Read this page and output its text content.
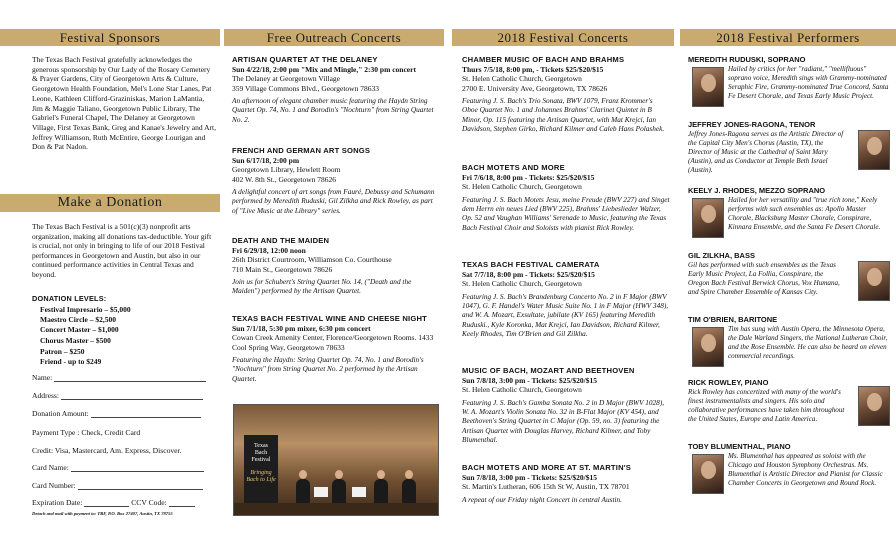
Festival Sponsors
The Texas Bach Festival gratefully acknowledges the generous sponsorship by Our Lady of the Rosary Cemetery & Prayer Gardens, City of Georgetown Arts & Culture, Georgetown Health Foundation, Mel's Lone Star Lanes, Pat Leone, Kathleen Clifford-Graziniskas, Marion LaMantia, Jim & Maggie Taliano, Georgetown Public Library, The Gabriel's Funeral Chapel, The Delaney at Georgetown Village, First Texas Bank, Greg and Kanae's Jewelry and Art, Jeffrey Williamson, Ruth McEntire, George Lourigan and Don & Pat Nadon.
Make a Donation
The Texas Bach Festival is a 501(c)(3) nonprofit arts organization, making all donations tax-deductible. Your gift is crucial, not only in bringing to life of our 2018 Festival performances in Georgetown and Austin, but also in our continued performance activities in Central Texas and beyond.
DONATION LEVELS:
Festival Impresario – $5,000
Maestro Circle – $2,500
Concert Master – $1,000
Chorus Master – $500
Patron – $250
Friend - up to $249
Name:
Address:
Donation Amount:
Payment Type : Check, Credit Card
Credit: Visa, Mastercard, Am. Express, Discover.
Card Name:
Card Number:
Expiration Date:	CCV Code:
Detach and mail with payment to: TBF, P.O. Box 27407, Austin, TX 78755
Free Outreach Concerts
ARTISAN QUARTET AT THE DELANEY
Sun 4/22/18, 2:00 pm "Mix and Mingle," 2:30 pm concert
The Delaney at Georgetown Village
359 Village Commons Blvd., Georgetown 78633
An afternoon of elegant chamber music featuring the Haydn String Quartet Op. 74, No. 1 and Borodin's "Nochturn" from String Quartet No. 2.
FRENCH AND GERMAN ART SONGS
Sun 6/17/18, 2:00 pm
Georgetown Library, Hewlett Room
402 W. 8th St., Georgetown 78626
A delightful concert of art songs from Fauré, Debussy and Schumann performed by Meredith Ruduski, Gil Zilkha and Rick Rowley, as part of "Live Music at the Library" series.
DEATH AND THE MAIDEN
Fri 6/29/18, 12:00 noon
26th District Courtroom, Williamson Co. Courthouse
710 Main St., Georgetown 78626
Join us for Schubert's String Quartet No. 14, ("Death and the Maiden") performed by the Artisan Quartet.
TEXAS BACH FESTIVAL WINE AND CHEESE NIGHT
Sun 7/1/18, 5:30 pm mixer, 6:30 pm concert
Cowan Creek Amenity Center, Florence/Georgetown Rooms. 1433 Cool Spring Way, Georgetown 78633
Featuring the Haydn: String Quartet Op. 74, No. 1 and Borodin's "Nochturn" from String Quartet No. 2 performed by the Artisan Quartet.
Texas
Bach
Festival
Bringing Bach to Life
2018 Festival Concerts
CHAMBER MUSIC OF BACH AND BRAHMS
Thurs 7/5/18, 8:00 pm, - Tickets $25/$20/$15
St. Helen Catholic Church, Georgetown
2700 E. University Ave, Georgetown, TX 78626
Featuring J. S. Bach's Trio Sonata, BWV 1079, Franz Krommer's Oboe Quartet No. 1 and Johannes Brahms' Clarinet Quintet in B Minor, Op. 115 featuring the Artisan Quartet, with Mat Krejci, Ian Davidson, Stephen Girko, Richard Kilmer and Caleb Hans Polashek.
BACH MOTETS AND MORE
Fri 7/6/18, 8:00 pm - Tickets: $25/$20/$15
St. Helen Catholic Church, Georgetown
Featuring J. S. Bach Motets Jesu, meine Freude (BWV 227) and Singet dem Herrn ein neues Lied (BWV 225), Brahms' Liebeslieder Walzer, Op. 52 and Vaughan Williams' Serenade to Music, featuring the Texas Bach Festival Choir and Soloists with pianist Rick Rowley.
TEXAS BACH FESTIVAL CAMERATA
Sat 7/7/18, 8:00 pm - Tickets: $25/$20/$15
St. Helen Catholic Church, Georgetown
Featuring J. S. Bach's Brandenburg Concerto No. 2 in F Major (BWV 1047), G. F. Handel's Water Music Suite No. 1 in F Major (HWV 348), and W. A. Mozart, Exsultate, jubilate (KV 165) featuring Meredith Ruduski., Kyle Koronka, Mat Krejci, Ian Davidson, Richard Kilmer, Keely Rhodes, Tim O'Brien and Gil Zilkha.
MUSIC OF BACH, MOZART AND BEETHOVEN
Sun 7/8/18, 3:00 pm - Tickets: $25/$20/$15
St. Helen Catholic Church, Georgetown
Featuring J. S. Bach's Gamba Sonata No. 2 in D Major (BWV 1028), W. A. Mozart's Violin Sonata No. 32 in B-Flat Major (KV 454), and Beethoven's String Quartet in C Major (Op. 59, no. 3) featuring the Artisan Quartet with Douglas Harvey, Richard Kilmer, and Toby Blumenthal.
BACH MOTETS AND MORE AT ST. MARTIN'S
Sun 7/8/18, 3:00 pm - Tickets: $25/$20/$15
St. Martin's Lutheran, 606 15th St W, Austin, TX 78701
A repeat of our Friday night Concert in central Austin.
2018 Festival Performers
MEREDITH RUDUSKI, SOPRANO
Hailed by critics for her "radiant," "mellifluous" soprano voice, Meredith sings with Grammy-nominated Seraphic Fire, Grammy-nominated True Concord, Santa Fe Desert Chorale, and Texas Early Music Project.
JEFFREY JONES-RAGONA, TENOR
Jeffrey Jones-Ragona serves as the Artistic Director of the Capital City Men's Chorus (Austin, TX), the Director of Music at the Cathedral of Saint Mary (Austin), and as Conductor at Temple Beth Israel (Austin).
KEELY J. RHODES, MEZZO SOPRANO
Hailed for her versatility and "true rich tone," Keely performs with such ensembles as: Apollo Master Chorale, Blacksburg Master Chorale, Conspirare, Kinnara Ensemble, and the Santa Fe Desert Chorale.
GIL ZILKHA, BASS
Gil has performed with such ensembles as the Texas Early Music Project, La Follia, Conspirare, the Oregon Bach Festival Berwick Chorus, Vox Humana, and Spire Chamber Ensemble of Kansas City.
TIM O'BRIEN, BARITONE
Tim has sung with Austin Opera, the Minnesota Opera, the Dale Warland Singers, the National Lutheran Choir, and the Rose Ensemble. He can also be heard on eleven commercial recordings.
RICK ROWLEY, PIANO
Rick Rowley has concertized with many of the world's finest instrumentalists and singers. His solo and collaborative performances have taken him throughout the United States, Europe and Latin America.
TOBY BLUMENTHAL, PIANO
Ms. Blumenthal has appeared as soloist with the Chicago and Houston Symphony Orchestras. Ms. Blumenthal is Artistic Director and Pianist for Classic Chamber Concerts in Georgetown and Round Rock.
